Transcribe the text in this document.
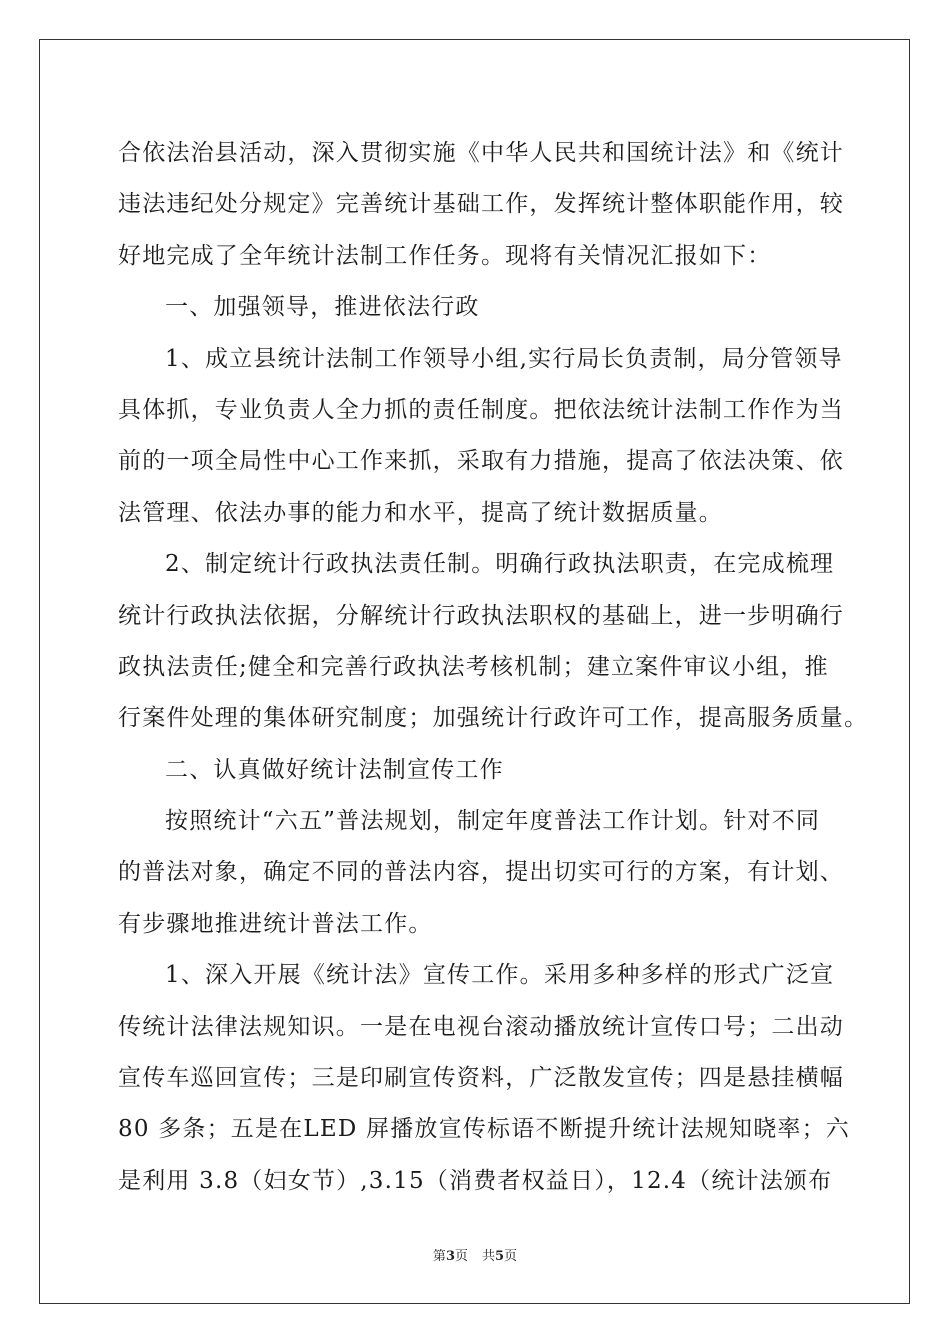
合依法治县活动，深入贯彻实施《中华人民共和国统计法》和《统计
违法违纪处分规定》完善统计基础工作，发挥统计整体职能作用，较
好地完成了全年统计法制工作任务。现将有关情况汇报如下：
一、加强领导，推进依法行政
1、成立县统计法制工作领导小组,实行局长负责制，局分管领导
具体抓，专业负责人全力抓的责任制度。把依法统计法制工作作为当
前的一项全局性中心工作来抓，采取有力措施，提高了依法决策、依
法管理、依法办事的能力和水平，提高了统计数据质量。
2、制定统计行政执法责任制。明确行政执法职责，在完成梳理
统计行政执法依据，分解统计行政执法职权的基础上，进一步明确行
政执法责任;健全和完善行政执法考核机制；建立案件审议小组，推
行案件处理的集体研究制度；加强统计行政许可工作，提高服务质量。
二、认真做好统计法制宣传工作
按照统计“六五”普法规划，制定年度普法工作计划。针对不同
的普法对象，确定不同的普法内容，提出切实可行的方案，有计划、
有步骤地推进统计普法工作。
1、深入开展《统计法》宣传工作。采用多种多样的形式广泛宣
传统计法律法规知识。一是在电视台滚动播放统计宣传口号；二出动
宣传车巡回宣传；三是印刷宣传资料，广泛散发宣传；四是悬挂横幅
80 多条；五是在LED 屏播放宣传标语不断提升统计法规知晓率；六
是利用 3.8（妇女节）,3.15（消费者权益日），12.4（统计法颁布
第3页 共5页
